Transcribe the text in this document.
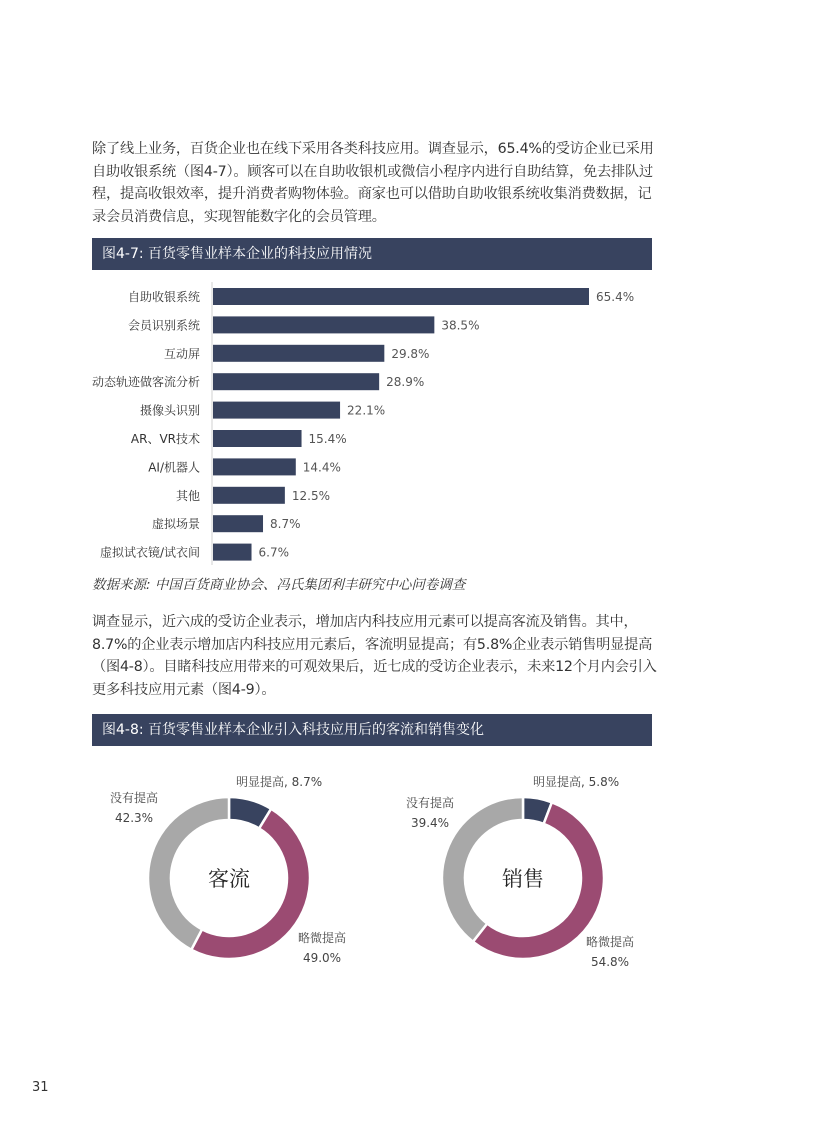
除了线上业务，百货企业也在线下采用各类科技应用。调查显示，65.4%的受访企业已采用自助收银系统（图4-7）。顾客可以在自助收银机或微信小程序内进行自助结算，免去排队过程，提高收银效率，提升消费者购物体验。商家也可以借助自助收银系统收集消费数据，记录会员消费信息，实现智能数字化的会员管理。

图4-7: 百货零售业样本企业的科技应用情况
自助收银系统	65.4%
会员识别系统	38.5%
互动屏	29.8%
动态轨迹做客流分析	28.9%
摄像头识别	22.1%
AR、VR技术	15.4%
AI/机器人	14.4%
其他	12.5%
虚拟场景	8.7%
虚拟试衣镜/试衣间	6.7%
数据来源: 中国百货商业协会、冯氏集团利丰研究中心问卷调查

调查显示，近六成的受访企业表示，增加店内科技应用元素可以提高客流及销售。其中，8.7%的企业表示增加店内科技应用元素后，客流明显提高；有5.8%企业表示销售明显提高（图4-8）。目睹科技应用带来的可观效果后，近七成的受访企业表示，未来12个月内会引入更多科技应用元素（图4-9）。

图4-8: 百货零售业样本企业引入科技应用后的客流和销售变化
客流
明显提高, 8.7%
略微提高
49.0%
没有提高
42.3%
销售
明显提高, 5.8%
略微提高
54.8%
没有提高
39.4%
31
